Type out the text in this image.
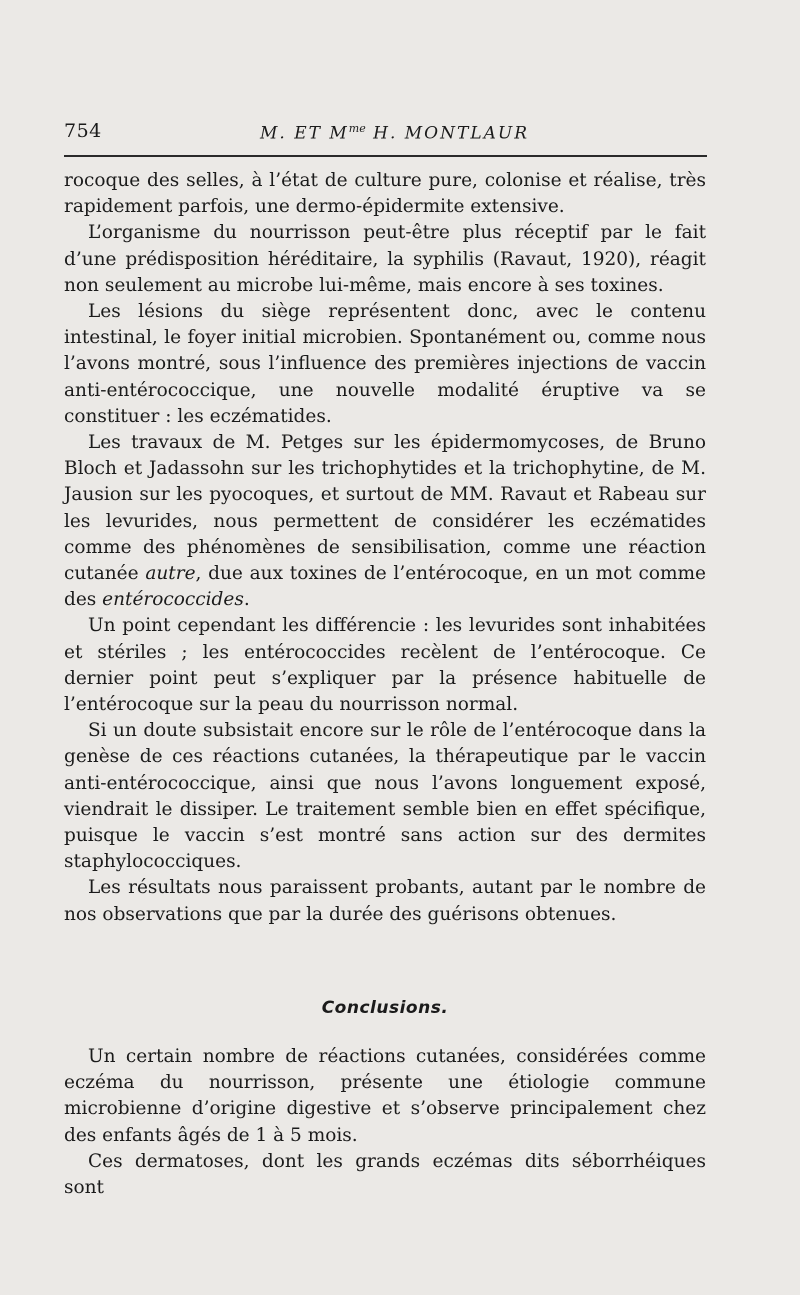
754	M. ET $M^{me}$ H. MONTLAUR

rocoque des selles, à l’état de culture pure, colonise et réalise, très rapidement parfois, une dermo-épidermite extensive.

L’organisme du nourrisson peut-être plus réceptif par le fait d’une prédisposition héréditaire, la syphilis (Ravaut, 1920), réagit non seulement au microbe lui-même, mais encore à ses toxines.

Les lésions du siège représentent donc, avec le contenu intestinal, le foyer initial microbien. Spontanément ou, comme nous l’avons montré, sous l’influence des premières injections de vaccin anti-entérococcique, une nouvelle modalité éruptive va se constituer : les eczématides.

Les travaux de M. Petges sur les épidermomycoses, de Bruno Bloch et Jadassohn sur les trichophytides et la trichophytine, de M. Jausion sur les pyocoques, et surtout de MM. Ravaut et Rabeau sur les levurides, nous permettent de considérer les eczématides comme des phénomènes de sensibilisation, comme une réaction cutanée autre, due aux toxines de l’entérocoque, en un mot comme des entérococcides.

Un point cependant les différencie : les levurides sont inhabitées et stériles ; les entérococcides recèlent de l’entérocoque. Ce dernier point peut s’expliquer par la présence habituelle de l’entérocoque sur la peau du nourrisson normal.

Si un doute subsistait encore sur le rôle de l’entérocoque dans la genèse de ces réactions cutanées, la thérapeutique par le vaccin anti-entérococcique, ainsi que nous l’avons longuement exposé, viendrait le dissiper. Le traitement semble bien en effet spécifique, puisque le vaccin s’est montré sans action sur des dermites staphylococciques.

Les résultats nous paraissent probants, autant par le nombre de nos observations que par la durée des guérisons obtenues.

Conclusions.

Un certain nombre de réactions cutanées, considérées comme eczéma du nourrisson, présente une étiologie commune microbienne d’origine digestive et s’observe principalement chez des enfants âgés de 1 à 5 mois.

Ces dermatoses, dont les grands eczémas dits séborrhéiques sont
